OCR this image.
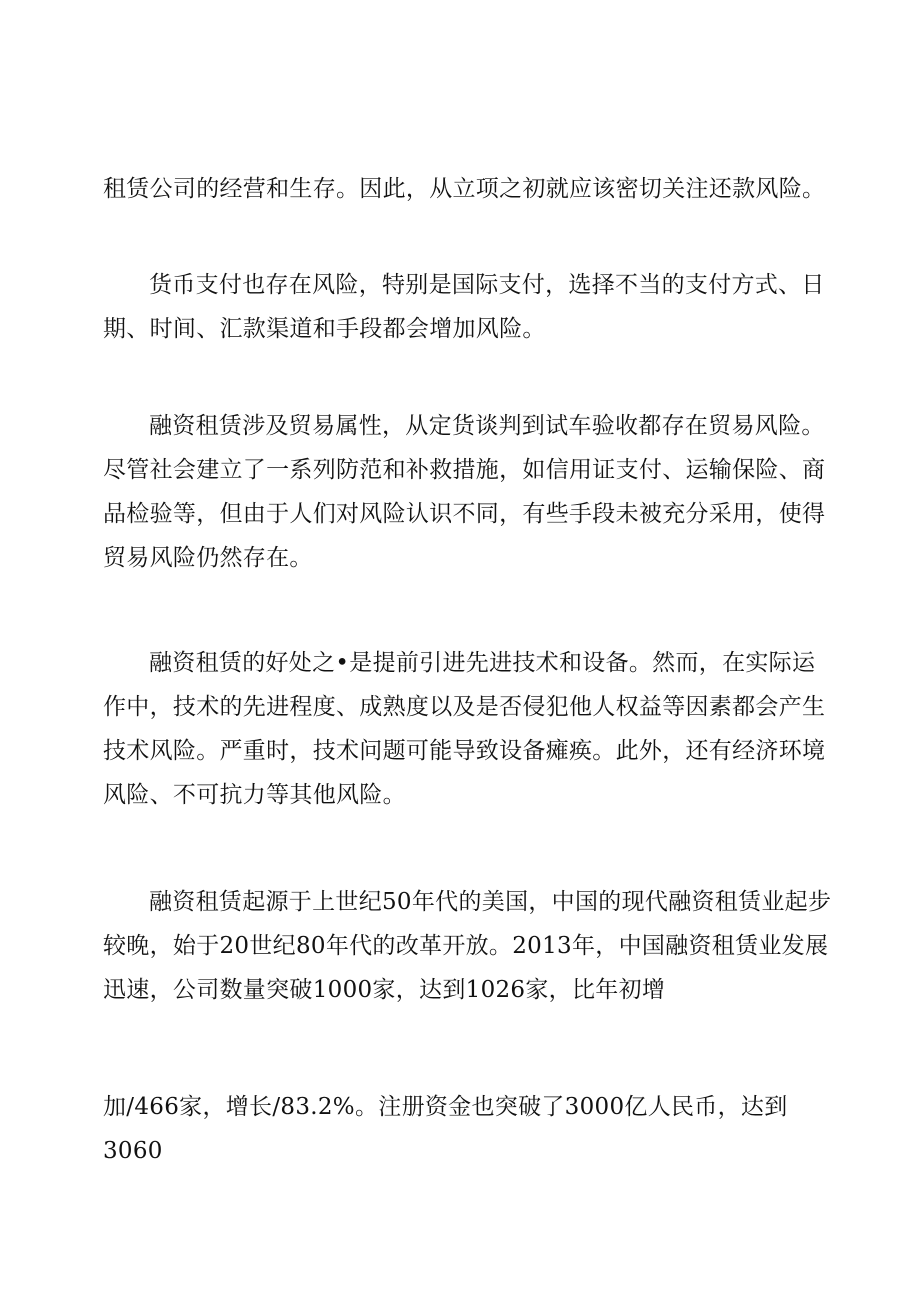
租赁公司的经营和生存。因此，从立项之初就应该密切关注还款风险。

货币支付也存在风险，特别是国际支付，选择不当的支付方式、日期、时间、汇款渠道和手段都会增加风险。

融资租赁涉及贸易属性，从定货谈判到试车验收都存在贸易风险。尽管社会建立了一系列防范和补救措施，如信用证支付、运输保险、商品检验等，但由于人们对风险认识不同，有些手段未被充分采用，使得贸易风险仍然存在。

融资租赁的好处之•是提前引进先进技术和设备。然而，在实际运作中，技术的先进程度、成熟度以及是否侵犯他人权益等因素都会产生技术风险。严重时，技术问题可能导致设备瘫痪。此外，还有经济环境风险、不可抗力等其他风险。

融资租赁起源于上世纪50年代的美国，中国的现代融资租赁业起步较晚，始于20世纪80年代的改革开放。2013年，中国融资租赁业发展迅速，公司数量突破1000家，达到1026家，比年初增

加/466家，增长/83.2%。注册资金也突破了3000亿人民币，达到3060
